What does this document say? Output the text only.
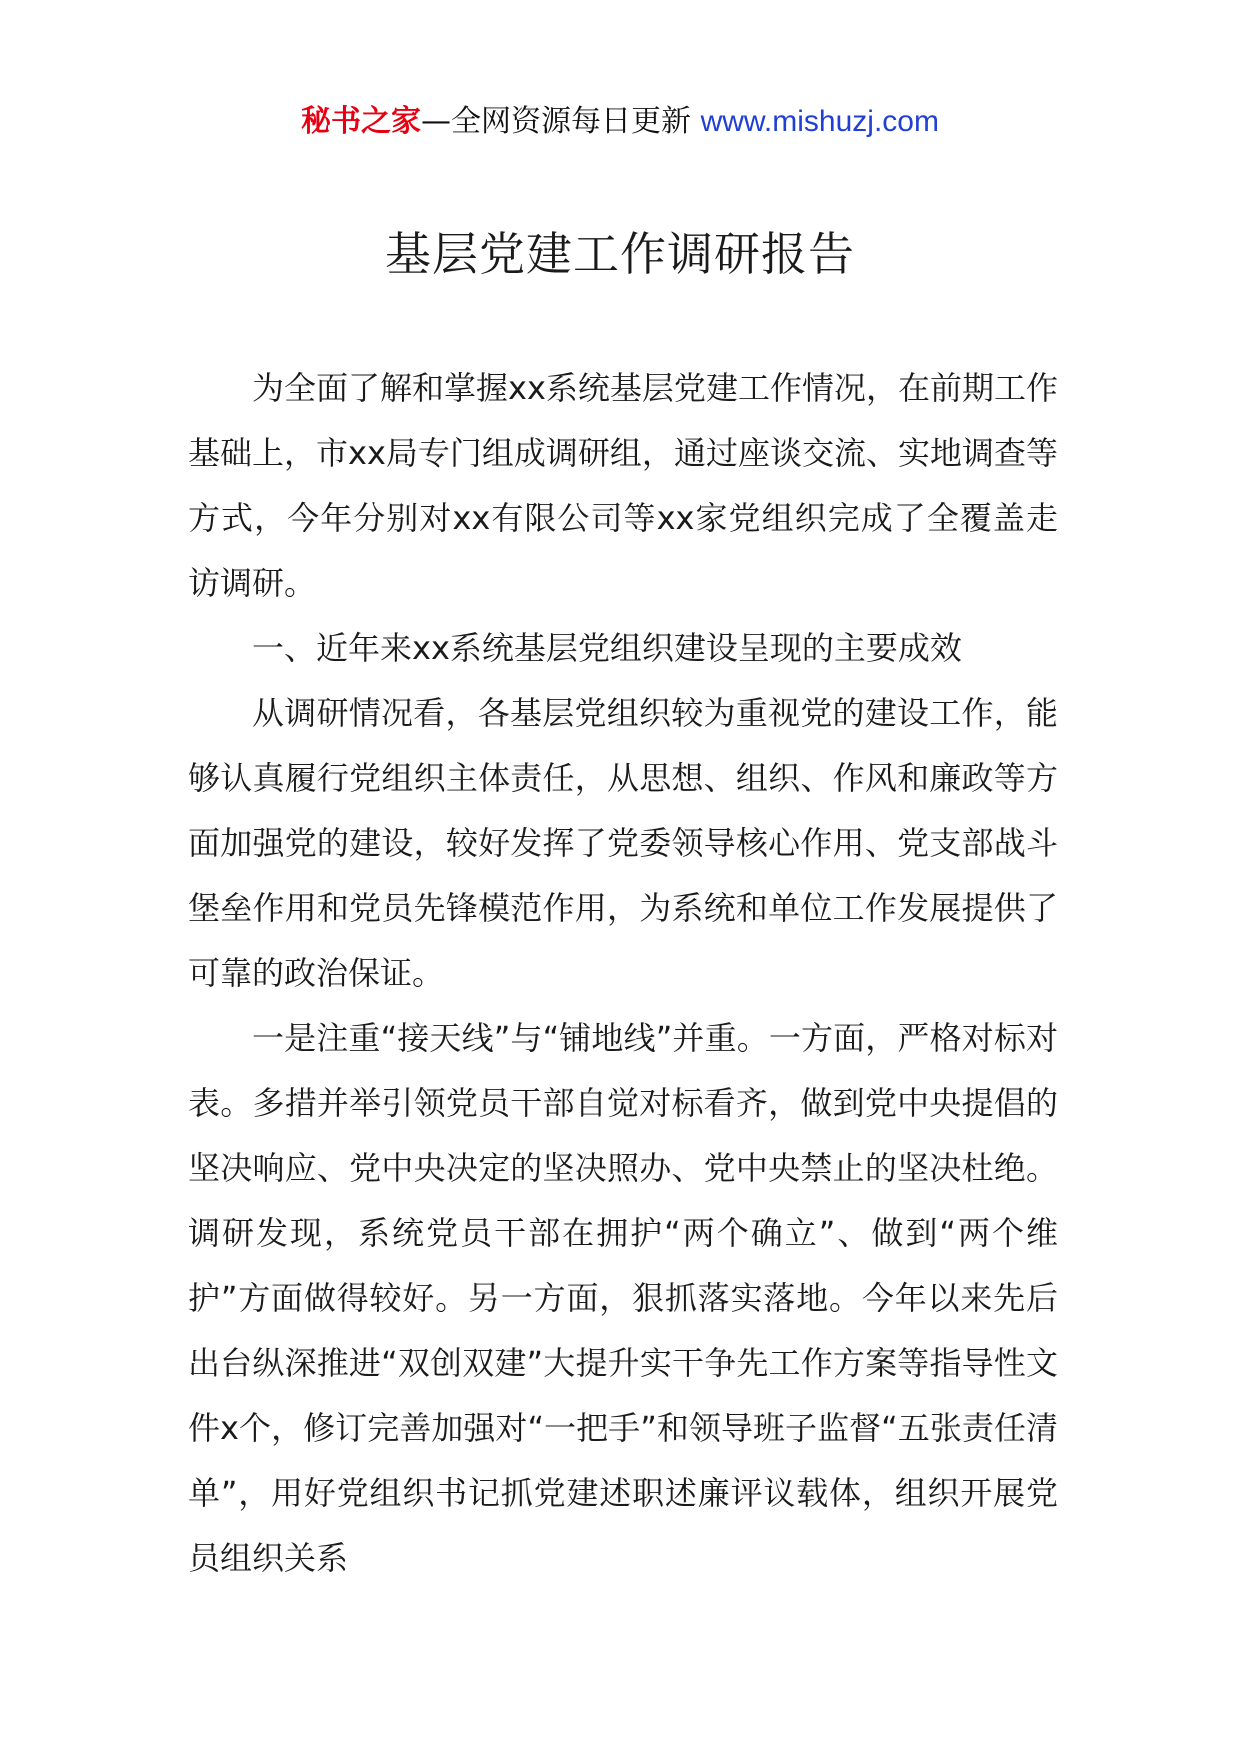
秘书之家—全网资源每日更新 www.mishuzj.com
基层党建工作调研报告

为全面了解和掌握xx系统基层党建工作情况，在前期工作基础上，市xx局专门组成调研组，通过座谈交流、实地调查等方式，今年分别对xx有限公司等xx家党组织完成了全覆盖走访调研。

一、近年来xx系统基层党组织建设呈现的主要成效

从调研情况看，各基层党组织较为重视党的建设工作，能够认真履行党组织主体责任，从思想、组织、作风和廉政等方面加强党的建设，较好发挥了党委领导核心作用、党支部战斗堡垒作用和党员先锋模范作用，为系统和单位工作发展提供了可靠的政治保证。

一是注重“接天线”与“铺地线”并重。一方面，严格对标对表。多措并举引领党员干部自觉对标看齐，做到党中央提倡的坚决响应、党中央决定的坚决照办、党中央禁止的坚决杜绝。调研发现，系统党员干部在拥护“两个确立”、做到“两个维护”方面做得较好。另一方面，狠抓落实落地。今年以来先后出台纵深推进“双创双建”大提升实干争先工作方案等指导性文件x个，修订完善加强对“一把手”和领导班子监督“五张责任清单”，用好党组织书记抓党建述职述廉评议载体，组织开展党员组织关系
